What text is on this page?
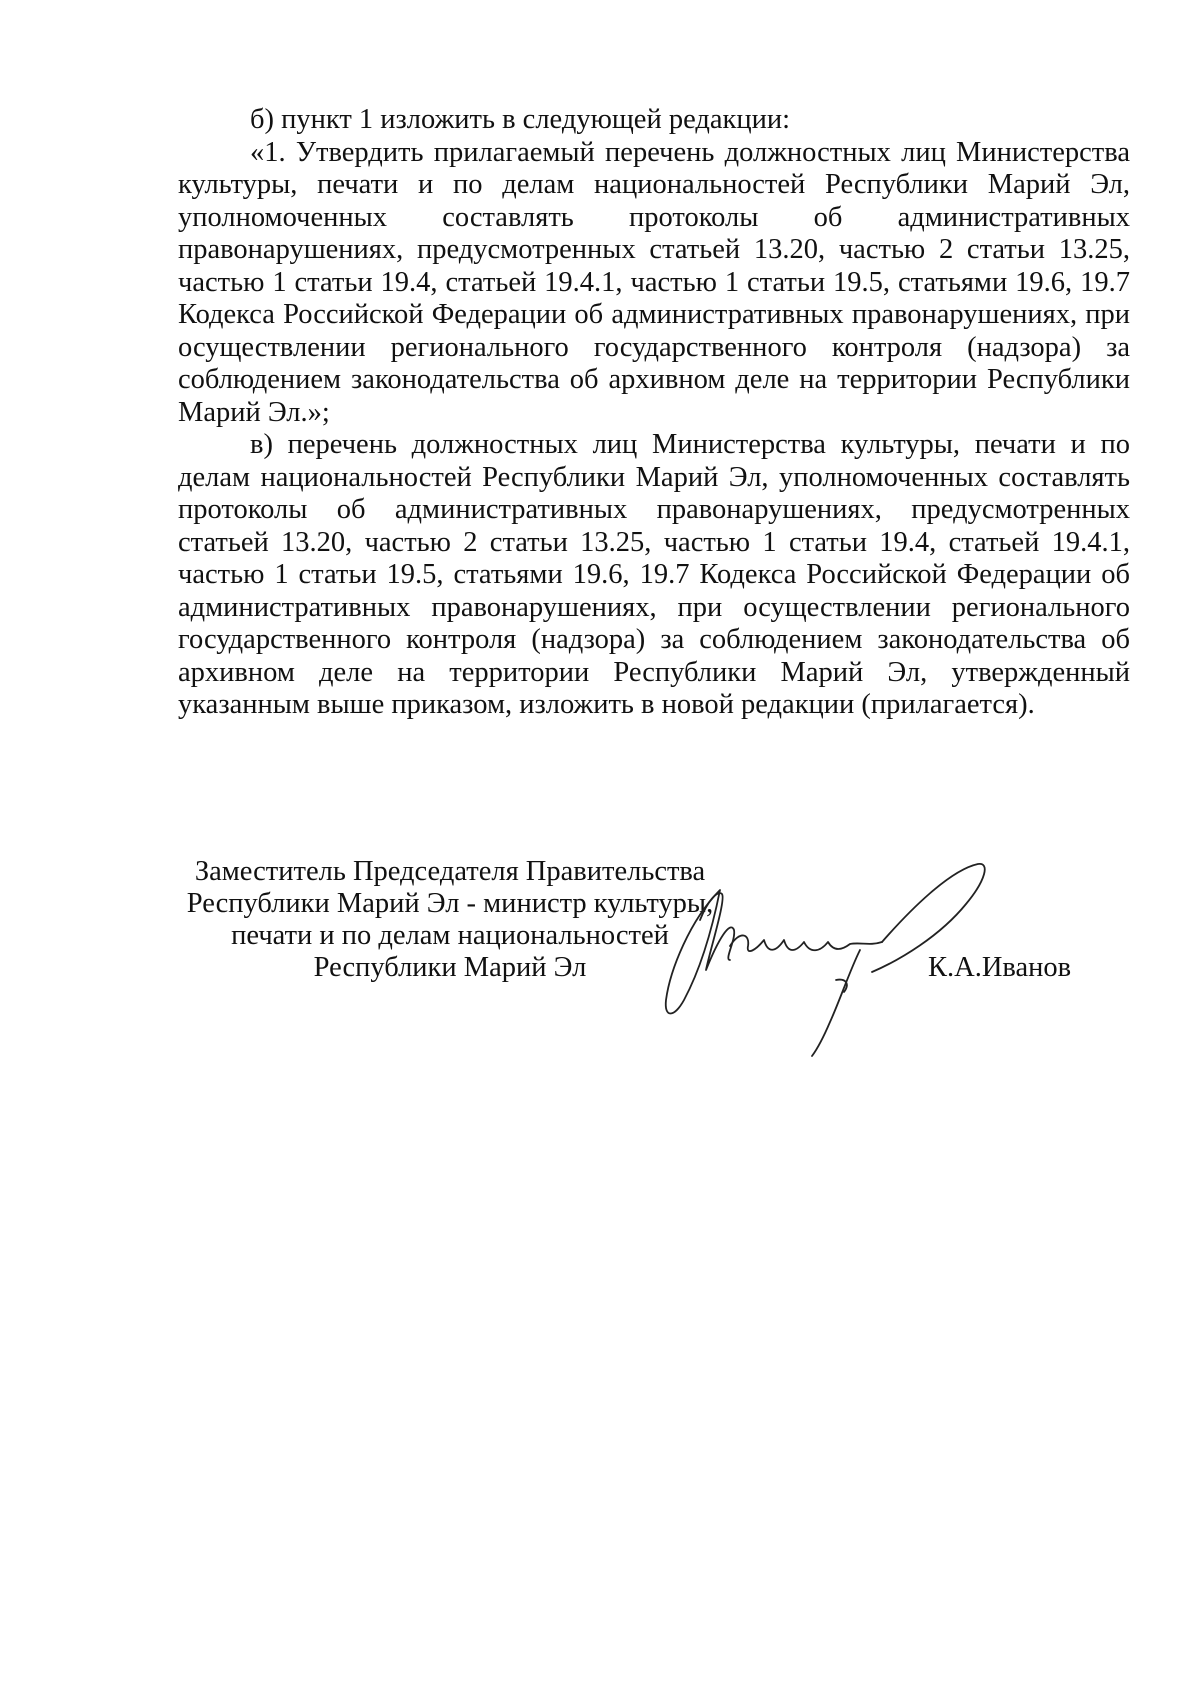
б) пункт 1 изложить в следующей редакции:

«1. Утвердить прилагаемый перечень должностных лиц Министерства культуры, печати и по делам национальностей Республики Марий Эл, уполномоченных составлять протоколы об административных правонарушениях, предусмотренных статьей 13.20, частью 2 статьи 13.25, частью 1 статьи 19.4, статьей 19.4.1, частью 1 статьи 19.5, статьями 19.6, 19.7 Кодекса Российской Федерации об административных правонарушениях, при осуществлении регионального государственного контроля (надзора) за соблюдением законодательства об архивном деле на территории Республики Марий Эл.»;

в) перечень должностных лиц Министерства культуры, печати и по делам национальностей Республики Марий Эл, уполномоченных составлять протоколы об административных правонарушениях, предусмотренных статьей 13.20, частью 2 статьи 13.25, частью 1 статьи 19.4, статьей 19.4.1, частью 1 статьи 19.5, статьями 19.6, 19.7 Кодекса Российской Федерации об административных правонарушениях, при осуществлении регионального государственного контроля (надзора) за соблюдением законодательства об архивном деле на территории Республики Марий Эл, утвержденный указанным выше приказом, изложить в новой редакции (прилагается).

Заместитель Председателя Правительства
Республики Марий Эл - министр культуры,
печати и по делам национальностей
Республики Марий Эл	К.А.Иванов
